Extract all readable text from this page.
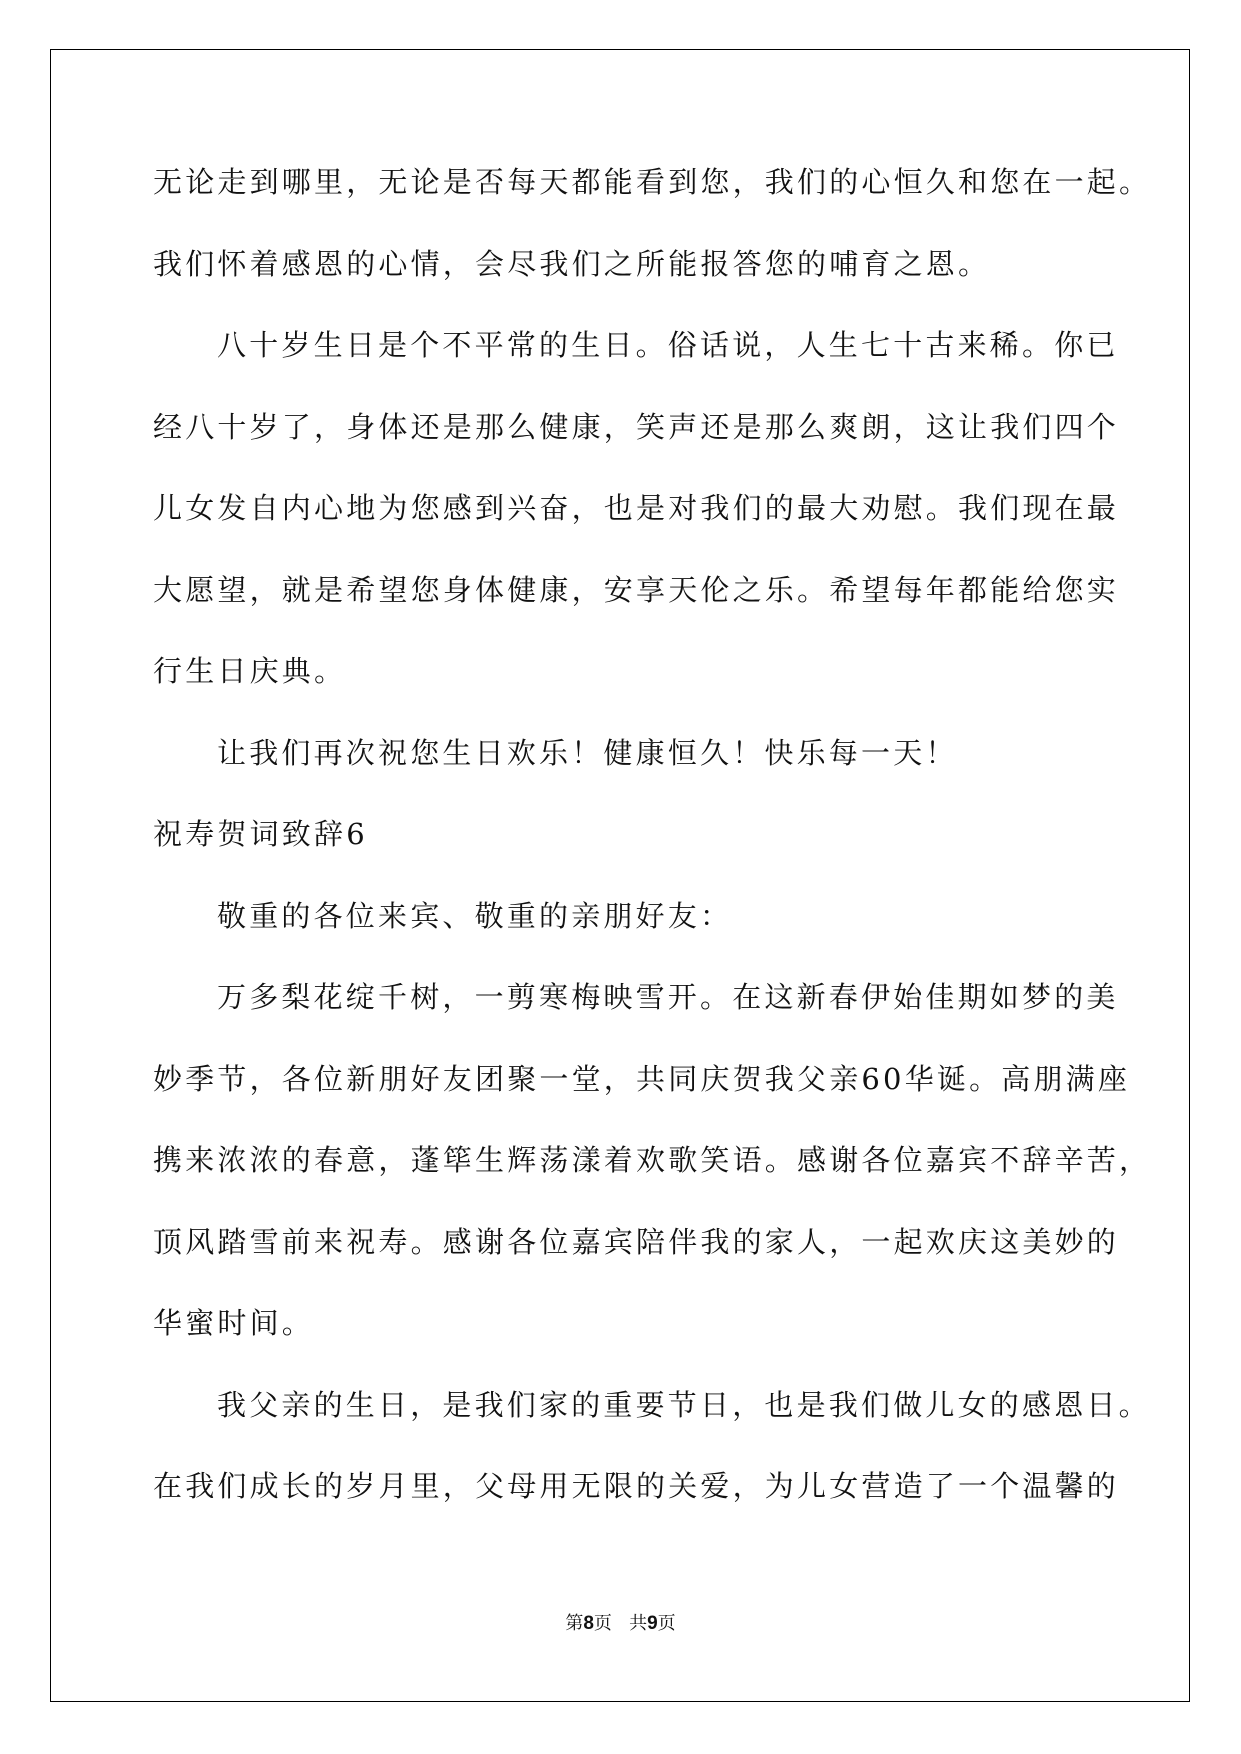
无论走到哪里，无论是否每天都能看到您，我们的心恒久和您在一起。
我们怀着感恩的心情，会尽我们之所能报答您的哺育之恩。
八十岁生日是个不平常的生日。俗话说，人生七十古来稀。你已
经八十岁了，身体还是那么健康，笑声还是那么爽朗，这让我们四个
儿女发自内心地为您感到兴奋，也是对我们的最大劝慰。我们现在最
大愿望，就是希望您身体健康，安享天伦之乐。希望每年都能给您实
行生日庆典。
让我们再次祝您生日欢乐！健康恒久！快乐每一天！
祝寿贺词致辞6
敬重的各位来宾、敬重的亲朋好友：
万多梨花绽千树，一剪寒梅映雪开。在这新春伊始佳期如梦的美
妙季节，各位新朋好友团聚一堂，共同庆贺我父亲60华诞。高朋满座
携来浓浓的春意，蓬筚生辉荡漾着欢歌笑语。感谢各位嘉宾不辞辛苦，
顶风踏雪前来祝寿。感谢各位嘉宾陪伴我的家人，一起欢庆这美妙的
华蜜时间。
我父亲的生日，是我们家的重要节日，也是我们做儿女的感恩日。
在我们成长的岁月里，父母用无限的关爱，为儿女营造了一个温馨的
第8页 共9页
